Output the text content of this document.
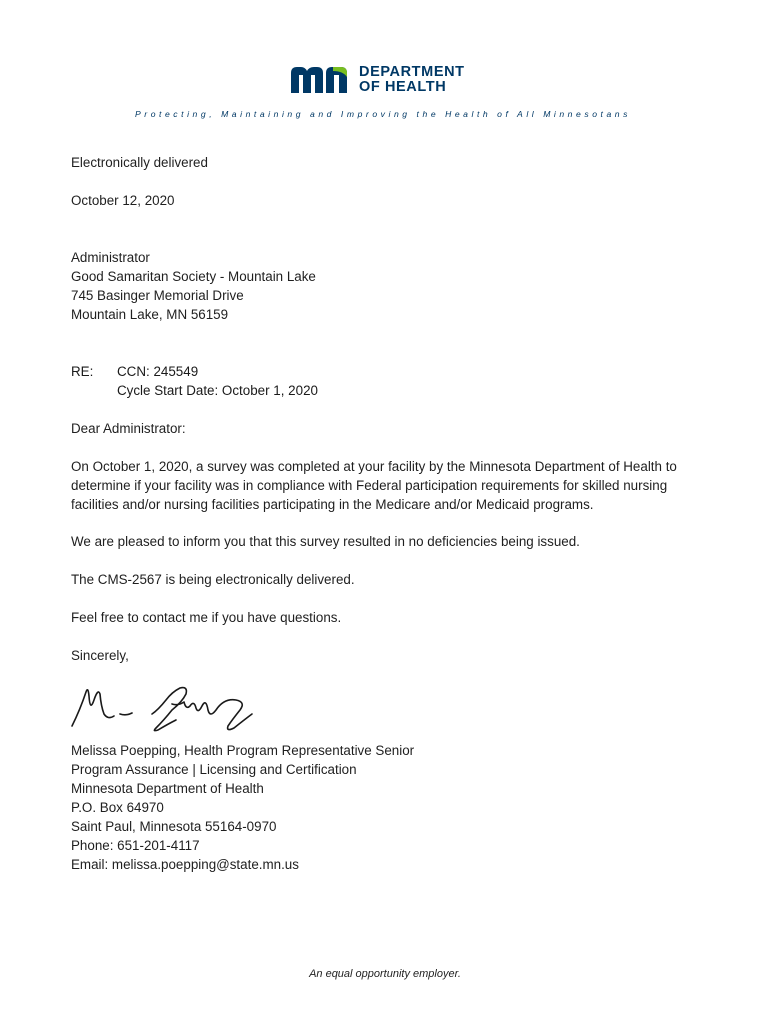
DEPARTMENT
OF HEALTH
Protecting, Maintaining and Improving the Health of All Minnesotans
Electronically delivered
October 12, 2020
Administrator
Good Samaritan Society - Mountain Lake
745 Basinger Memorial Drive
Mountain Lake, MN 56159
RE: CCN: 245549
Cycle Start Date: October 1, 2020
Dear Administrator:
On October 1, 2020, a survey was completed at your facility by the Minnesota Department of Health to determine if your facility was in compliance with Federal participation requirements for skilled nursing facilities and/or nursing facilities participating in the Medicare and/or Medicaid programs.
We are pleased to inform you that this survey resulted in no deficiencies being issued.
The CMS-2567 is being electronically delivered.
Feel free to contact me if you have questions.
Sincerely,
Melissa Poepping, Health Program Representative Senior
Program Assurance | Licensing and Certification
Minnesota Department of Health
P.O. Box 64970
Saint Paul, Minnesota 55164-0970
Phone: 651-201-4117
Email: melissa.poepping@state.mn.us
An equal opportunity employer.
